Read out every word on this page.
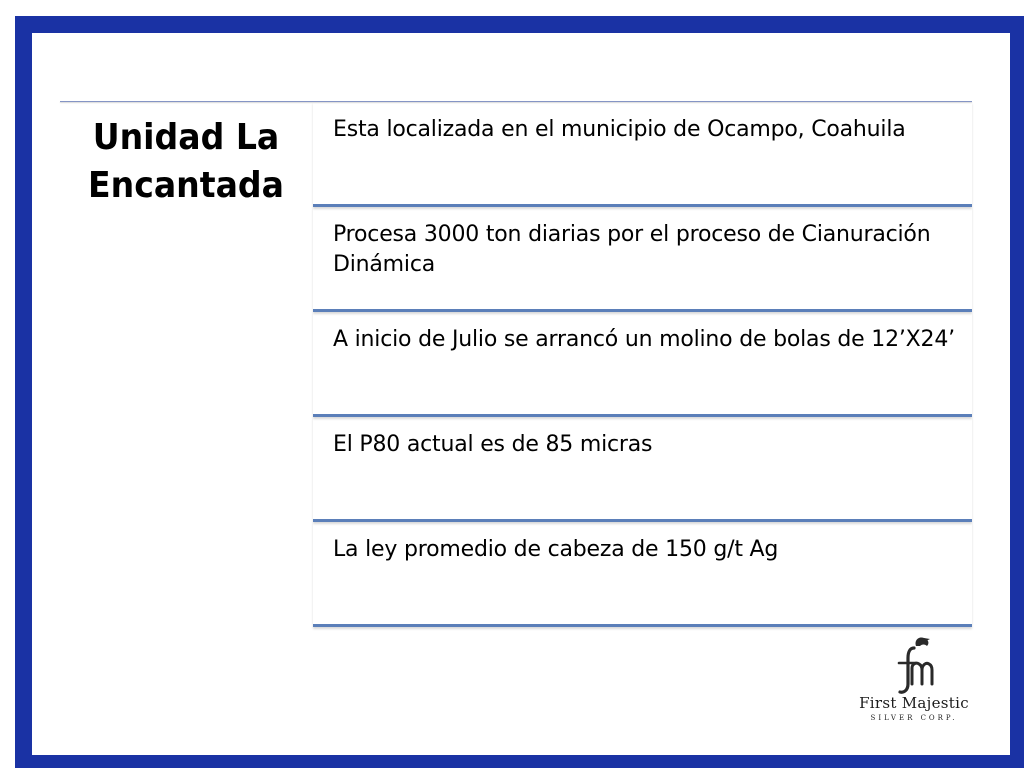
Unidad La Encantada

Esta localizada en el municipio de Ocampo, Coahuila

Procesa 3000 ton diarias por el proceso de Cianuración Dinámica

A inicio de Julio se arrancó un molino de bolas de 12’X24’

El P80 actual es de 85 micras

La ley promedio de cabeza de 150 g/t Ag

First Majestic
SILVER CORP.
